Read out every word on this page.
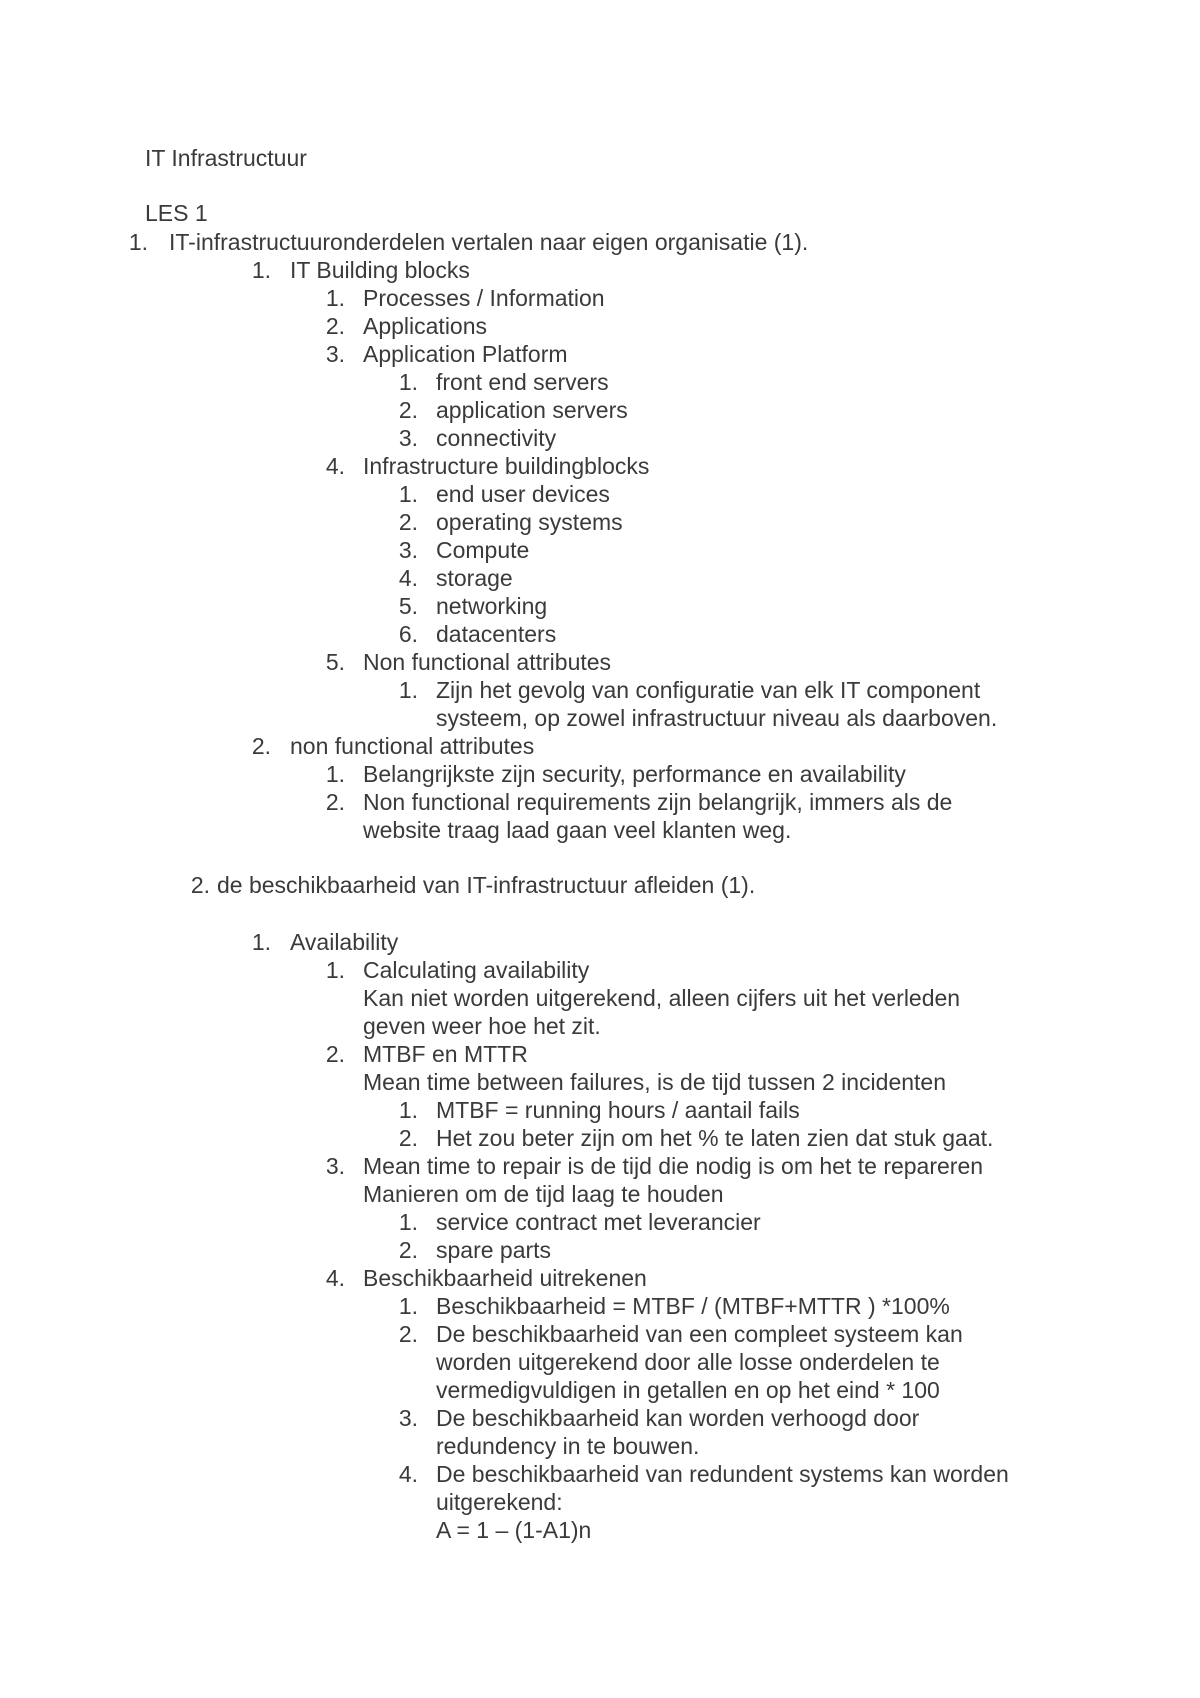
IT Infrastructuur
LES 1
1. IT-infrastructuuronderdelen vertalen naar eigen organisatie (1).
1. IT Building blocks
1. Processes / Information
2. Applications
3. Application Platform
1. front end servers
2. application servers
3. connectivity
4. Infrastructure buildingblocks
1. end user devices
2. operating systems
3. Compute
4. storage
5. networking
6. datacenters
5. Non functional attributes
1. Zijn het gevolg van configuratie van elk IT component
systeem, op zowel infrastructuur niveau als daarboven.
2. non functional attributes
1. Belangrijkste zijn security, performance en availability
2. Non functional requirements zijn belangrijk, immers als de
website traag laad gaan veel klanten weg.
2. de beschikbaarheid van IT-infrastructuur afleiden (1).
1. Availability
1. Calculating availability
Kan niet worden uitgerekend, alleen cijfers uit het verleden
geven weer hoe het zit.
2. MTBF en MTTR
Mean time between failures, is de tijd tussen 2 incidenten
1. MTBF = running hours / aantail fails
2. Het zou beter zijn om het % te laten zien dat stuk gaat.
3. Mean time to repair is de tijd die nodig is om het te repareren
Manieren om de tijd laag te houden
1. service contract met leverancier
2. spare parts
4. Beschikbaarheid uitrekenen
1. Beschikbaarheid = MTBF / (MTBF+MTTR ) *100%
2. De beschikbaarheid van een compleet systeem kan
worden uitgerekend door alle losse onderdelen te
vermedigvuldigen in getallen en op het eind * 100
3. De beschikbaarheid kan worden verhoogd door
redundency in te bouwen.
4. De beschikbaarheid van redundent systems kan worden
uitgerekend:
A = 1 – (1-A1)n
